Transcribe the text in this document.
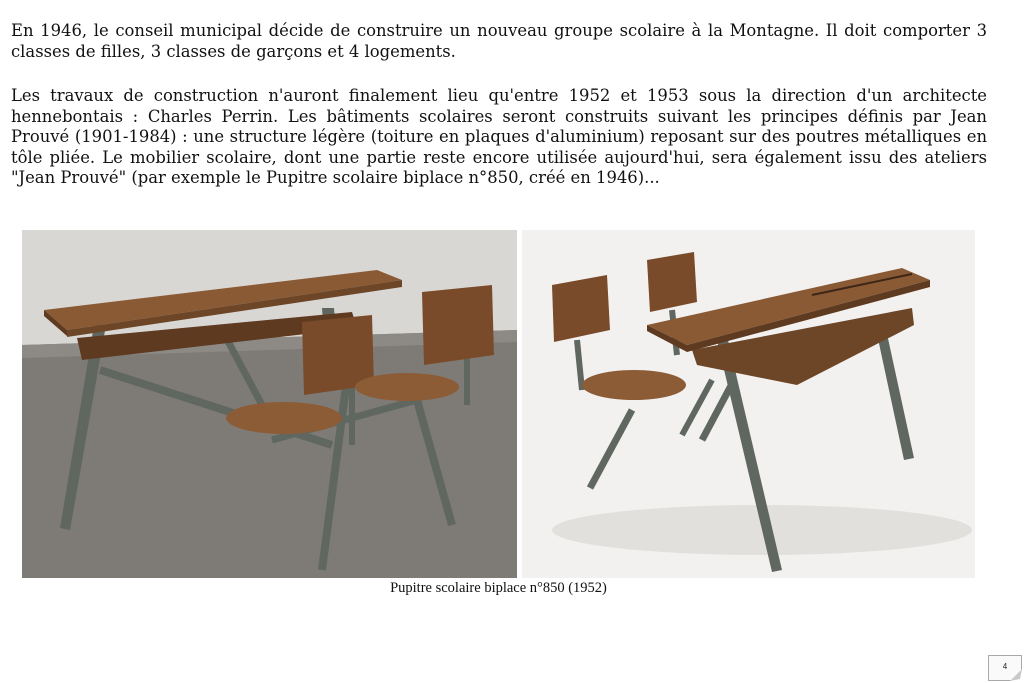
En 1946, le conseil municipal décide de construire un nouveau groupe scolaire à la Montagne. Il doit comporter 3 classes de filles, 3 classes de garçons et 4 logements.

Les travaux de construction n'auront finalement lieu qu'entre 1952 et 1953 sous la direction d'un architecte hennebontais : Charles Perrin. Les bâtiments scolaires seront construits suivant les principes définis par Jean Prouvé (1901-1984) : une structure légère (toiture en plaques d'aluminium) reposant sur des poutres métalliques en tôle pliée. Le mobilier scolaire, dont une partie reste encore utilisée aujourd'hui, sera également issu des ateliers "Jean Prouvé" (par exemple le Pupitre scolaire biplace n°850, créé en 1946)...

Pupitre scolaire biplace n°850 (1952)
4
